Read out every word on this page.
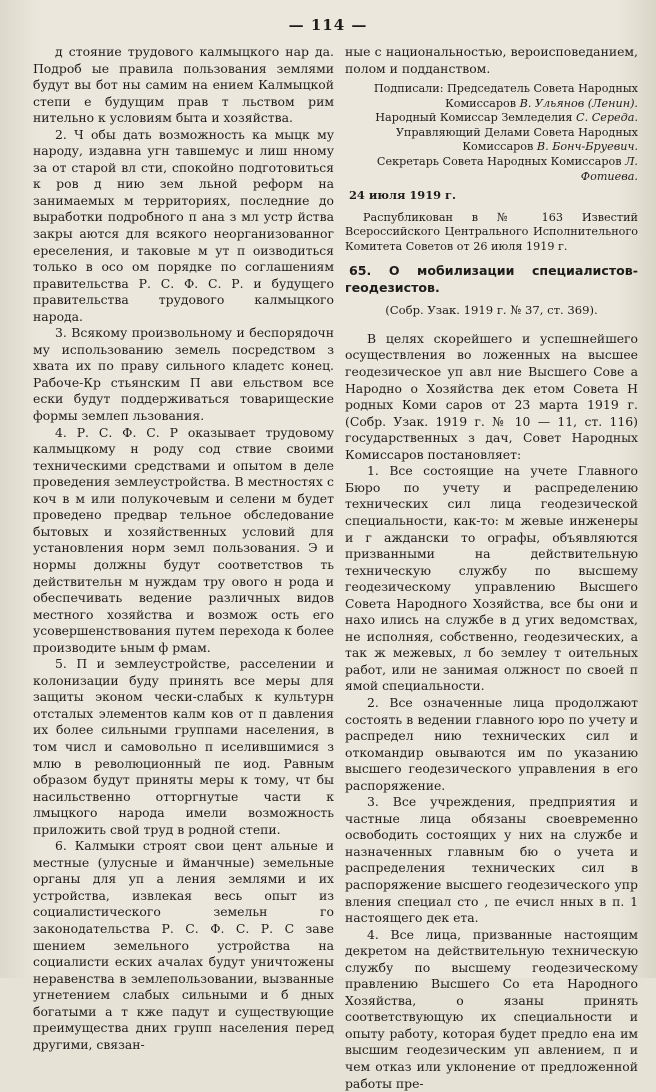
— 114 —

д стояние трудового калмыцкого нар да. Подроб ые правила пользования землями будут вы бот ны самим на ением Калмыцкой степи е будущим прав т льством рим нительно к условиям быта и хозяйства.

2. Ч обы дать возможность ка мыцк му народу, издавна угн тавшемус и лиш нному за от старой вл сти, спокойно подготовиться к ров д нию зем льной реформ на занимаемых м территориях, последние до выработки подробного п ана з мл устр йства закры аются для всякого неорганизованног ереселения, и таковые м ут п оизводиться только в осо ом порядке по соглашениям правительства Р. С. Ф. С. Р. и будущего правительства трудового калмыцкого народа.

3. Всякому произвольному и беспорядочн му использованию земель посредством з хвата их по праву сильного кладетс конец. Рабоче-Кр стьянским П ави ельством все ески будут поддерживаться товарищеские формы землеп льзования.

4. Р. С. Ф. С. Р оказывает трудовому калмыцкому н роду сод ствие своими техническими средствами и опытом в деле проведения землеустройства. В местностях с коч в м или полукочевым и селени м будет проведено предвар тельное обследование бытовых и хозяйственных условий для установления норм земл пользования. Э и нормы должны будут соответствов ть действительн м нуждам тру ового н рода и обеспечивать ведение различных видов местного хозяйства и возмож ость его усовершенствования путем перехода к более производите ьным ф рмам.

5. П и землеустройстве, расселении и колонизации буду принять все меры для защиты эконом чески-слабых к культурн отсталых элементов калм ков от п давления их более сильными группами населения, в том числ и самовольно п иселившимися з млю в революционный пе иод. Равным образом будут приняты меры к тому, чт бы насильственно отторгнутые части к лмыцкого народа имели возможность приложить свой труд в родной степи.

6. Калмыки строят свои цент альные и местные (улусные и йманчные) земельные органы для уп а ления землями и их устройства, извлекая весь опыт из социалистического земельн го законодательства Р. С. Ф. С. Р. С заве шением земельного устройства на социалисти еских ачалах будут уничтожены неравенства в землепользовании, вызванные угнетением слабых сильными и б дных богатыми а т кже падут и существующие преимущества дних групп населения перед другими, связан-

ные с национальностью, вероисповеданием, полом и подданством.

Подписали: Председатель Совета Народных Комиссаров В. Ульянов (Ленин).

Народный Комиссар Земледелия С. Середа.

Управляющий Делами Совета Народных Комиссаров В. Бонч-Бруевич.

Секретарь Совета Народных Комиссаров Л. Фотиева.

24 июля 1919 г.

Распубликован в № 163 Известий Всероссийского Центрального Исполнительного Комитета Советов от 26 июля 1919 г.

65. О мобилизации специалистов-геодезистов.

(Собр. Узак. 1919 г. № 37, ст. 369).

В целях скорейшего и успешнейшего осуществления во ложенных на высшее геодезическое уп авл ние Высшего Сове а Народно о Хозяйства дек етом Совета Н родных Коми саров от 23 марта 1919 г. (Собр. Узак. 1919 г. № 10 — 11, ст. 116) государственных з дач, Совет Народных Комиссаров постановляет:

1. Все состоящие на учете Главного Бюро по учету и распределению технических сил лица геодезической специальности, как-то: м жевые инженеры и г аждански то ографы, объявляются призванными на действительную техническую службу по высшему геодезическому управлению Высшего Совета Народного Хозяйства, все бы они и нахо ились на службе в д угих ведомствах, не исполняя, собственно, геодезических, а так ж межевых, л бо землеу т оительных работ, или не занимая олжност по своей п ямой специальности.

2. Все означенные лица продолжают состоять в ведении главного юро по учету и распредел нию технических сил и откомандир овываются им по указанию высшего геодезического управления в его распоряжение.

3. Все учреждения, предприятия и частные лица обязаны своевременно освободить состоящих у них на службе и назначенных главным бю о учета и распределения технических сил в распоряжение высшего геодезического упр вления специал сто , пе ечисл нных в п. 1 настоящего дек ета.

4. Все лица, призванные настоящим декретом на действительную техническую службу по высшему геодезическому правлению Высшего Со ета Народного Хозяйства, о язаны принять соответствующую их специальности и опыту работу, которая будет предло ена им высшим геодезическим уп авлением, п и чем отказ или уклонение от предложенной работы пре-
